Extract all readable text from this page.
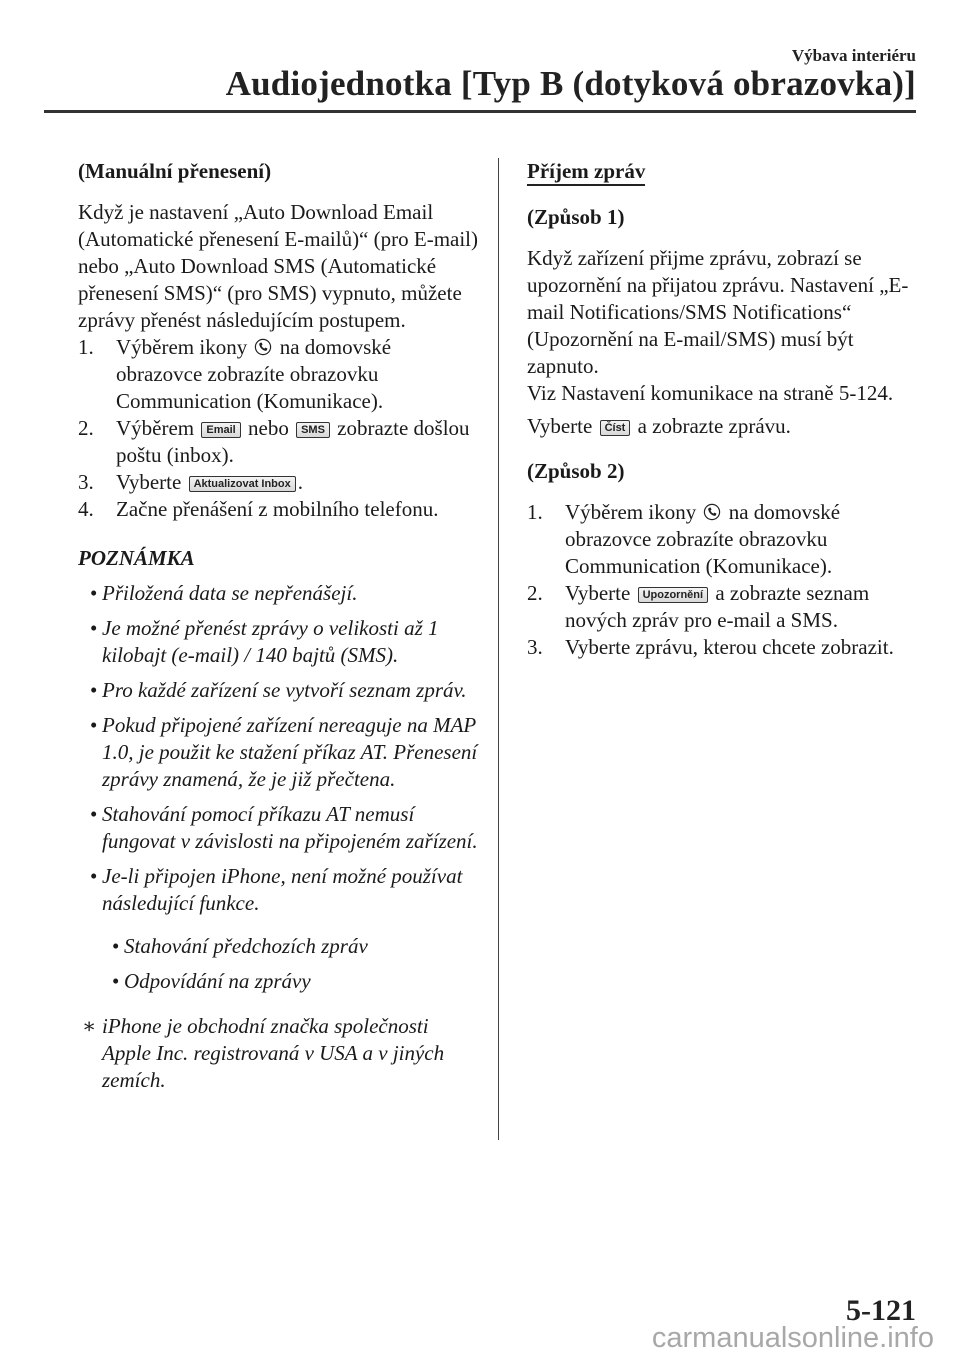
Výbava interiéru
Audiojednotka [Typ B (dotyková obrazovka)]

(Manuální přenesení)

Když je nastavení „Auto Download Email (Automatické přenesení E-mailů)“ (pro E-mail) nebo „Auto Download SMS (Automatické přenesení SMS)“ (pro SMS) vypnuto, můžete zprávy přenést následujícím postupem.

1. Výběrem ikony na domovské obrazovce zobrazíte obrazovku Communication (Komunikace).
2. Výběrem Email nebo SMS zobrazte došlou poštu (inbox).
3. Vyberte Aktualizovat Inbox .
4. Začne přenášení z mobilního telefonu.

POZNÁMKA

• Přiložená data se nepřenášejí.
• Je možné přenést zprávy o velikosti až 1 kilobajt (e-mail) / 140 bajtů (SMS).
• Pro každé zařízení se vytvoří seznam zpráv.
• Pokud připojené zařízení nereaguje na MAP 1.0, je použit ke stažení příkaz AT. Přenesení zprávy znamená, že je již přečtena.
• Stahování pomocí příkazu AT nemusí fungovat v závislosti na připojeném zařízení.
• Je-li připojen iPhone, není možné používat následující funkce.
• Stahování předchozích zpráv
• Odpovídání na zprávy
∗ iPhone je obchodní značka společnosti Apple Inc. registrovaná v USA a v jiných zemích.
Příjem zpráv

(Způsob 1)

Když zařízení přijme zprávu, zobrazí se upozornění na přijatou zprávu. Nastavení „E-mail Notifications/SMS Notifications“ (Upozornění na E-mail/SMS) musí být zapnuto.

Viz Nastavení komunikace na straně 5-124.

Vyberte Číst a zobrazte zprávu.

(Způsob 2)

1. Výběrem ikony na domovské obrazovce zobrazíte obrazovku Communication (Komunikace).
2. Vyberte Upozornění a zobrazte seznam nových zpráv pro e-mail a SMS.
3. Vyberte zprávu, kterou chcete zobrazit.
5-121
carmanualsonline.info
